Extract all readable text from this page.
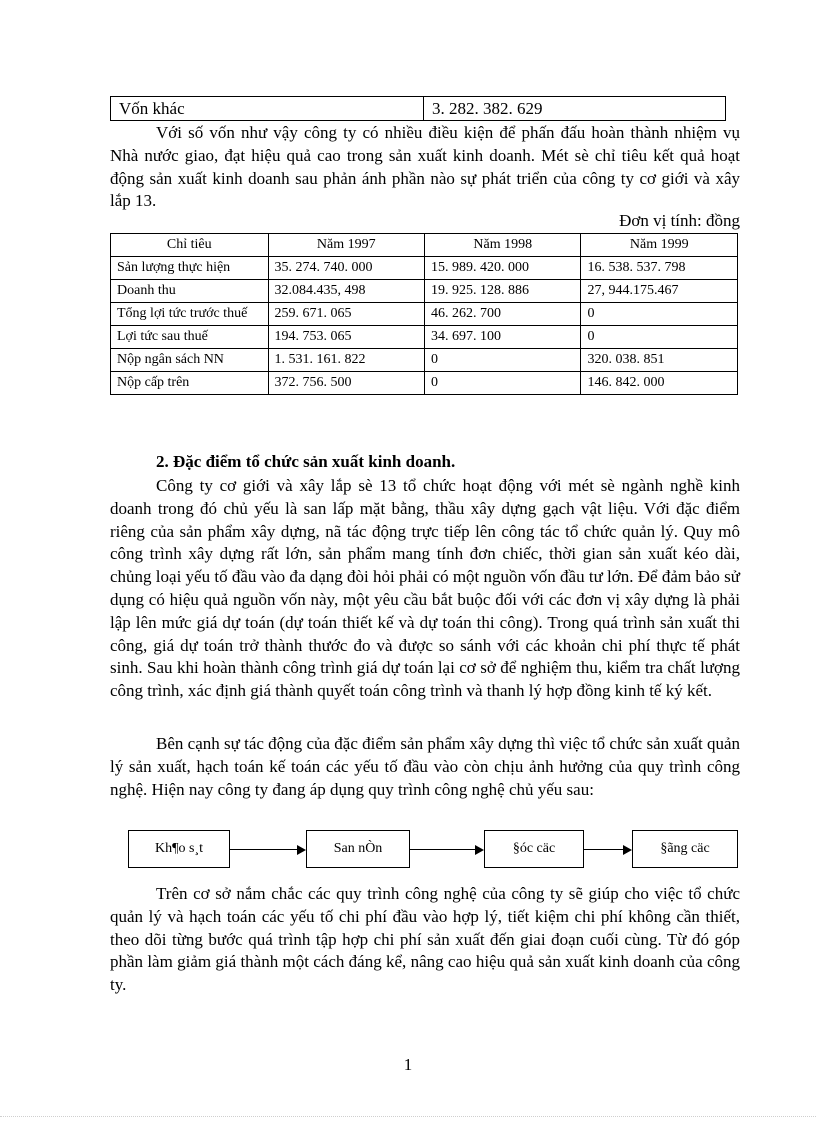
Vốn khác	3. 282. 382. 629

Với số vốn như vậy công ty có nhiều điều kiện để phấn đấu hoàn thành nhiệm vụ Nhà nước giao, đạt hiệu quả cao trong sản xuất kinh doanh. Mét sè chỉ tiêu kết quả hoạt động sản xuất kinh doanh sau phản ánh phần nào sự phát triển của công ty cơ giới và xây lắp 13.

Đơn vị tính: đồng
Chỉ tiêu	Năm 1997	Năm 1998	Năm 1999
Sản lượng thực hiện	35. 274. 740. 000	15. 989. 420. 000	16. 538. 537. 798
Doanh thu	32.084.435, 498	19. 925. 128. 886	27, 944.175.467
Tổng lợi tức trước thuế	259. 671. 065	46. 262. 700	0
Lợi tức sau thuế	194. 753. 065	34. 697. 100	0
Nộp ngân sách NN	1. 531. 161. 822	0	320. 038. 851
Nộp cấp trên	372. 756. 500	0	146. 842. 000
2. Đặc điểm tổ chức sản xuất kinh doanh.

Công ty cơ giới và xây lắp sè 13 tổ chức hoạt động với mét sè ngành nghề kinh doanh trong đó chủ yếu là san lấp mặt bằng, thầu xây dựng gạch vật liệu. Với đặc điểm riêng của sản phẩm xây dựng, nã tác động trực tiếp lên công tác tổ chức quản lý. Quy mô công trình xây dựng rất lớn, sản phẩm mang tính đơn chiếc, thời gian sản xuất kéo dài, chủng loại yếu tố đầu vào đa dạng đòi hỏi phải có một nguồn vốn đầu tư lớn. Để đảm bảo sử dụng có hiệu quả nguồn vốn này, một yêu cầu bắt buộc đối với các đơn vị xây dựng là phải lập lên mức giá dự toán (dự toán thiết kế và dự toán thi công). Trong quá trình sản xuất thi công, giá dự toán trở thành thước đo và được so sánh với các khoản chi phí thực tế phát sinh. Sau khi hoàn thành công trình giá dự toán lại cơ sở để nghiệm thu, kiểm tra chất lượng công trình, xác định giá thành quyết toán công trình và thanh lý hợp đồng kinh tế ký kết.

Bên cạnh sự tác động của đặc điểm sản phẩm xây dựng thì việc tổ chức sản xuất quản lý sản xuất, hạch toán kế toán các yếu tố đầu vào còn chịu ảnh hưởng của quy trình công nghệ. Hiện nay công ty đang áp dụng quy trình công nghệ chủ yếu sau:

Kh¶o s¸t	San nÒn	§óc cäc	§ãng cäc

Trên cơ sở nắm chắc các quy trình công nghệ của công ty sẽ giúp cho việc tổ chức quản lý và hạch toán các yếu tố chi phí đầu vào hợp lý, tiết kiệm chi phí không cần thiết, theo dõi từng bước quá trình tập hợp chi phí sản xuất đến giai đoạn cuối cùng. Từ đó góp phần làm giảm giá thành một cách đáng kể, nâng cao hiệu quả sản xuất kinh doanh của công ty.

1
